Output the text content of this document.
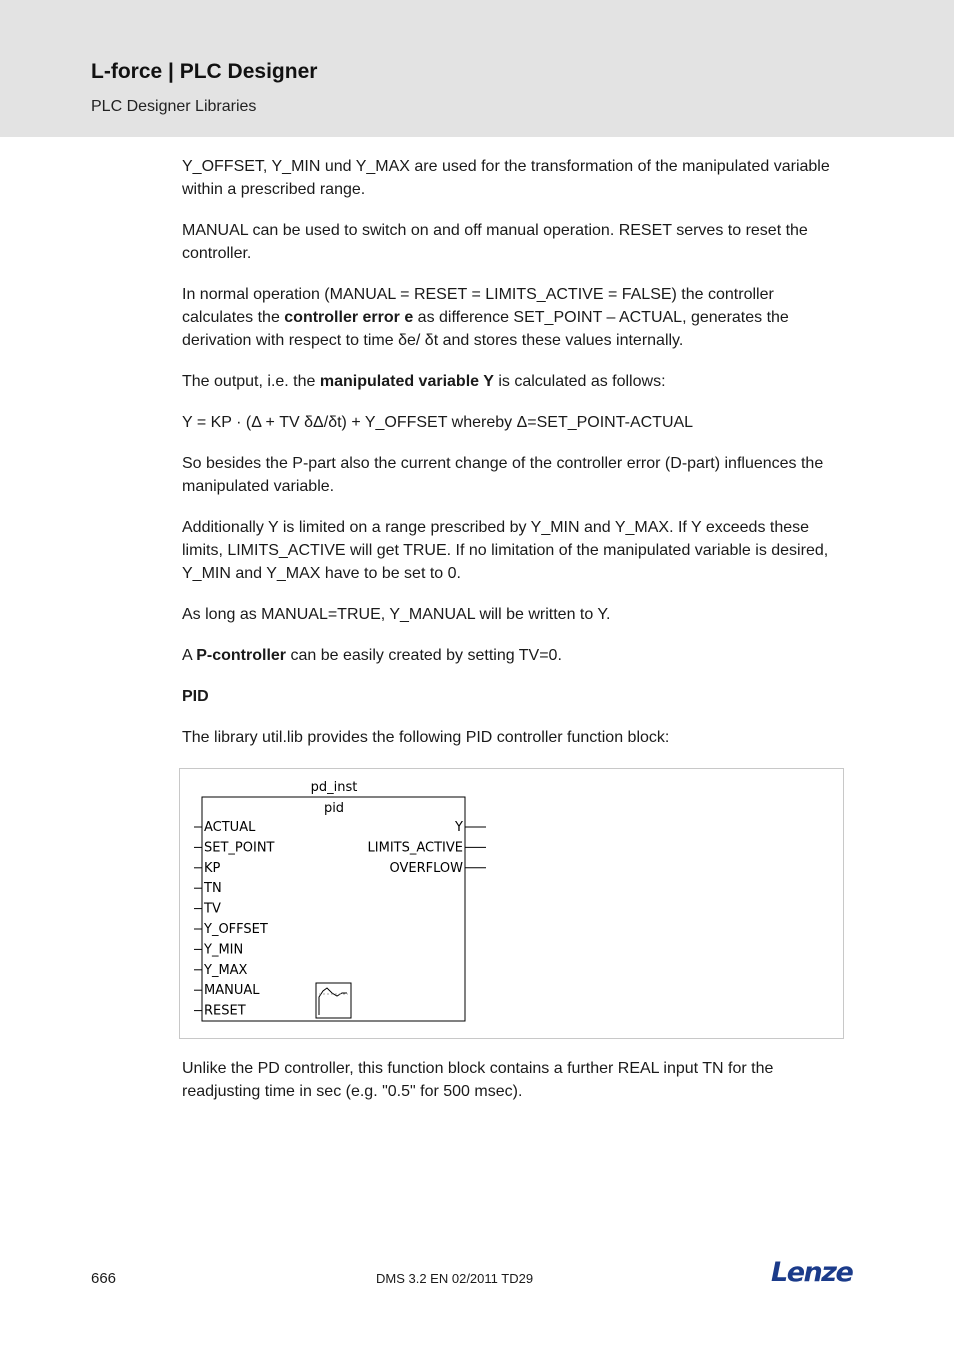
L-force | PLC Designer
PLC Designer Libraries

Y_OFFSET, Y_MIN und Y_MAX are used for the transformation of the manipulated variable within a prescribed range.

MANUAL can be used to switch on and off manual operation. RESET serves to reset the controller.

In normal operation (MANUAL = RESET = LIMITS_ACTIVE = FALSE) the controller calculates the controller error e as difference SET_POINT – ACTUAL, generates the derivation with respect to time δe/ δt and stores these values internally.

The output, i.e. the manipulated variable Y is calculated as follows:

Y = KP · (Δ + TV δΔ/δt) + Y_OFFSET whereby Δ=SET_POINT-ACTUAL

So besides the P-part also the current change of the controller error (D-part) influences the manipulated variable.

Additionally Y is limited on a range prescribed by Y_MIN and Y_MAX. If Y exceeds these limits, LIMITS_ACTIVE will get TRUE. If no limitation of the manipulated variable is desired, Y_MIN and Y_MAX have to be set to 0.

As long as MANUAL=TRUE, Y_MANUAL will be written to Y.

A P-controller can be easily created by setting TV=0.

PID

The library util.lib provides the following PID controller function block:

pd_inst
pid
ACTUAL
SET_POINT
KP
TN
TV
Y_OFFSET
Y_MIN
Y_MAX
MANUAL
RESET
Y
LIMITS_ACTIVE
OVERFLOW

Unlike the PD controller, this function block contains a further REAL input TN for the readjusting time in sec (e.g. "0.5" for 500 msec).

666	DMS 3.2 EN 02/2011 TD29	Lenze
